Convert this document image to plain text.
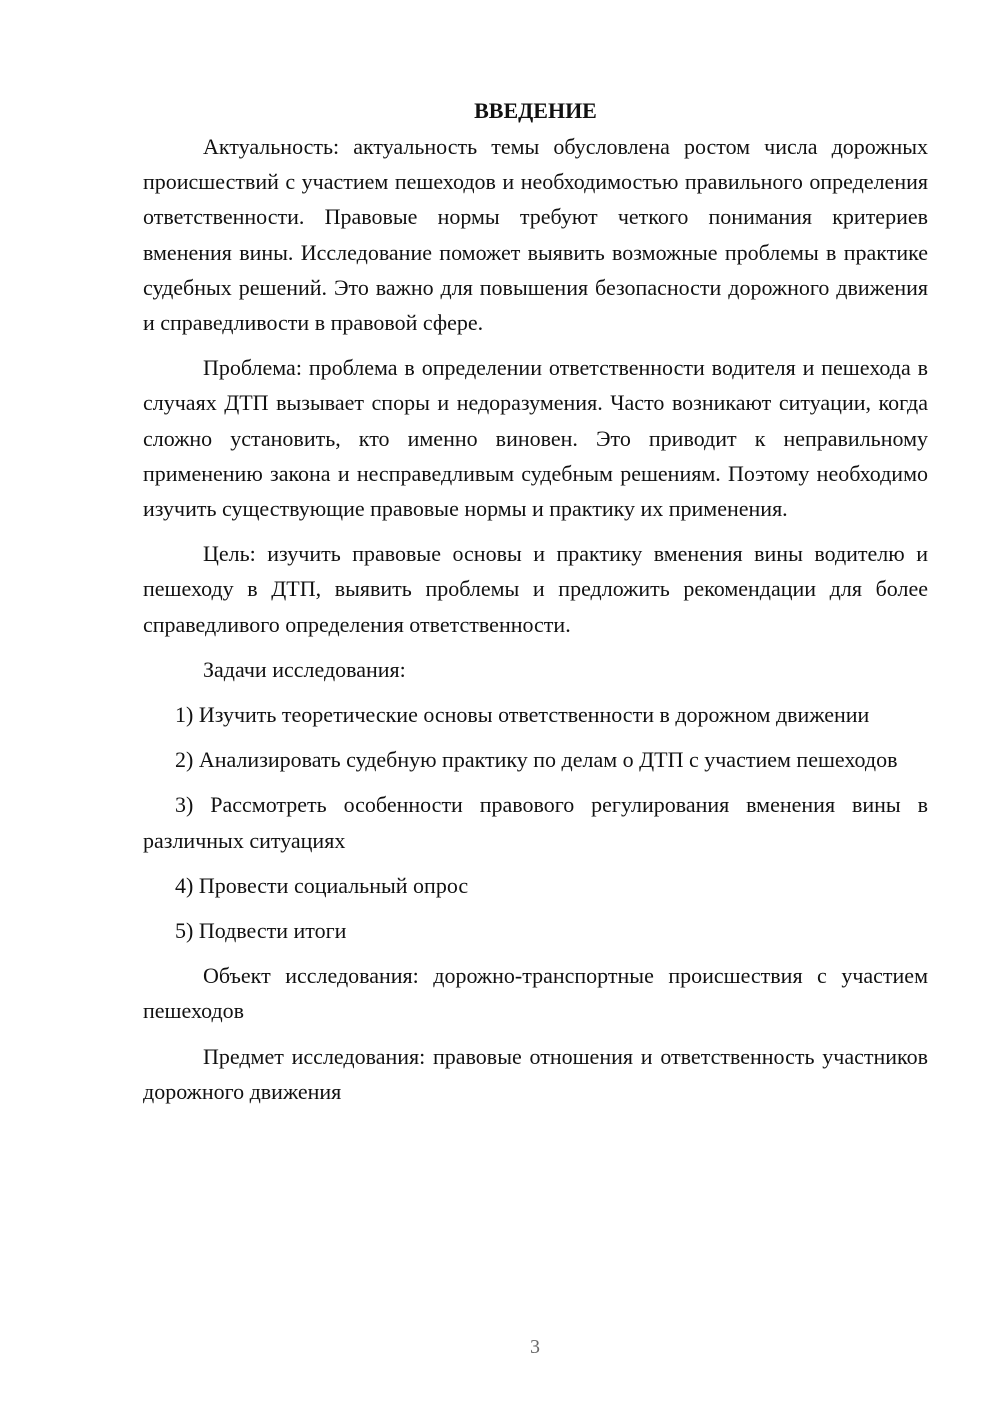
ВВЕДЕНИЕ

Актуальность: актуальность темы обусловлена ростом числа дорожных происшествий с участием пешеходов и необходимостью правильного определения ответственности. Правовые нормы требуют четкого понимания критериев вменения вины. Исследование поможет выявить возможные проблемы в практике судебных решений. Это важно для повышения безопасности дорожного движения и справедливости в правовой сфере.

Проблема: проблема в определении ответственности водителя и пешехода в случаях ДТП вызывает споры и недоразумения. Часто возникают ситуации, когда сложно установить, кто именно виновен. Это приводит к неправильному применению закона и несправедливым судебным решениям. Поэтому необходимо изучить существующие правовые нормы и практику их применения.

Цель: изучить правовые основы и практику вменения вины водителю и пешеходу в ДТП, выявить проблемы и предложить рекомендации для более справедливого определения ответственности.

Задачи исследования:

1) Изучить теоретические основы ответственности в дорожном движении

2) Анализировать судебную практику по делам о ДТП с участием пешеходов

3) Рассмотреть особенности правового регулирования вменения вины в различных ситуациях

4) Провести социальный опрос

5) Подвести итоги

Объект исследования: дорожно-транспортные происшествия с участием пешеходов

Предмет исследования: правовые отношения и ответственность участников дорожного движения

3
